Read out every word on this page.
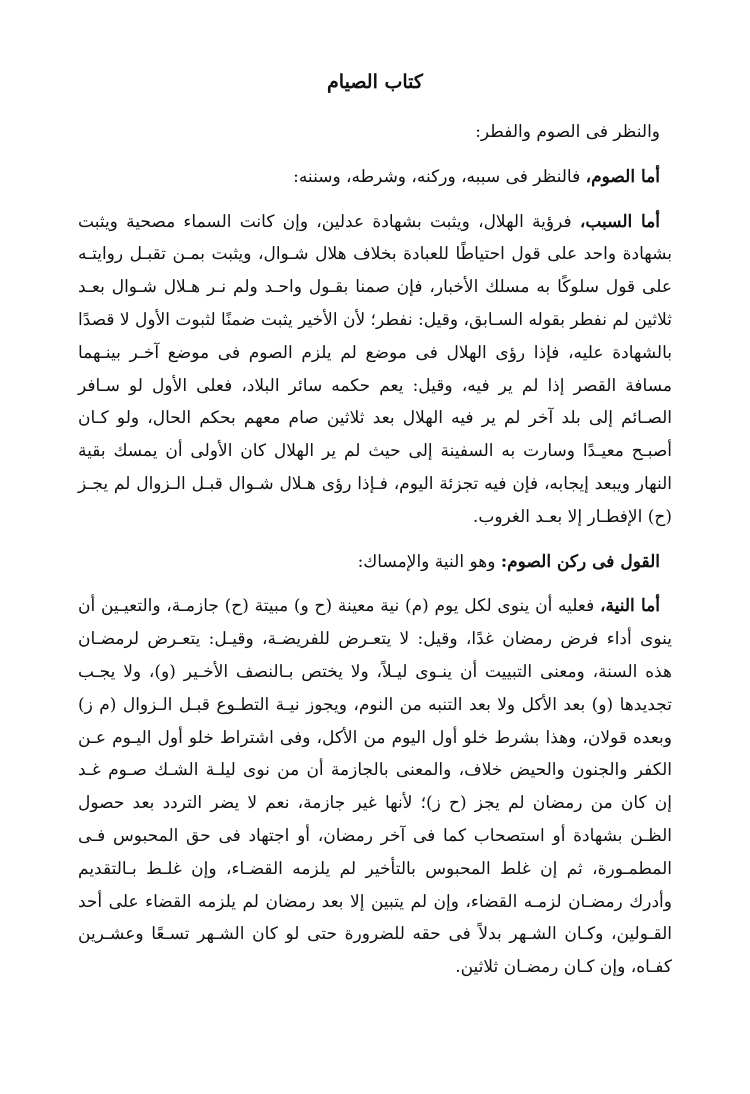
كتاب الصيام

والنظر فى الصوم والفطر:

أما الصوم، فالنظر فى سببه، وركنه، وشرطه، وسننه:

أما السبب، فرؤية الهلال، ويثبت بشهادة عدلين، وإن كانت السماء مصحية ويثبت بشهادة واحد على قول احتياطًا للعبادة بخلاف هلال شـوال، ويثبت بمـن تقبـل روايتـه على قول سلوكًا به مسلك الأخبار، فإن صمنا بقـول واحـد ولم نـر هـلال شـوال بعـد ثلاثين لم نفطر بقوله السـابق، وقيل: نفطر؛ لأن الأخير يثبت ضمنًا لثبوت الأول لا قصدًا بالشهادة عليه، فإذا رؤى الهلال فى موضع لم يلزم الصوم فى موضع آخـر بينـهما مسافة القصر إذا لم ير فيه، وقيل: يعم حكمه سائر البلاد، فعلى الأول لو سـافر الصـائم إلى بلد آخر لم ير فيه الهلال بعد ثلاثين صام معهم بحكم الحال، ولو كـان أصبـح معيـدًا وسارت به السفينة إلى حيث لم ير الهلال كان الأولى أن يمسك بقية النهار ويبعد إيجابه، فإن فيه تجزئة اليوم، فـإذا رؤى هـلال شـوال قبـل الـزوال لم يجـز (ح) الإفطـار إلا بعـد الغروب.

القول فى ركن الصوم: وهو النية والإمساك:

أما النية، فعليه أن ينوى لكل يوم (م) نية معينة (ح و) مبيتة (ح) جازمـة، والتعيـين أن ينوى أداء فرض رمضان غدًا، وقيل: لا يتعـرض للفريضـة، وقيـل: يتعـرض لرمضـان هذه السنة، ومعنى التبييت أن ينـوى ليـلاً، ولا يختص بـالنصف الأخـير (و)، ولا يجـب تجديدها (و) بعد الأكل ولا بعد التنبه من النوم، ويجوز نيـة التطـوع قبـل الـزوال (م ز) وبعده قولان، وهذا بشرط خلو أول اليوم من الأكل، وفى اشتراط خلو أول اليـوم عـن الكفر والجنون والحيض خلاف، والمعنى بالجازمة أن من نوى ليلـة الشـك صـوم غـد إن كان من رمضان لم يجز (ح ز)؛ لأنها غير جازمة، نعم لا يضر التردد بعد حصول الظـن بشهادة أو استصحاب كما فى آخر رمضان، أو اجتهاد فى حق المحبوس فـى المطمـورة، ثم إن غلط المحبوس بالتأخير لم يلزمه القضـاء، وإن غلـط بـالتقديم وأدرك رمضـان لزمـه القضاء، وإن لم يتبين إلا بعد رمضان لم يلزمه القضاء على أحد القـولين، وكـان الشـهر بدلاً فى حقه للضرورة حتى لو كان الشـهر تسـعًا وعشـرين كفـاه، وإن كـان رمضـان ثلاثين.
